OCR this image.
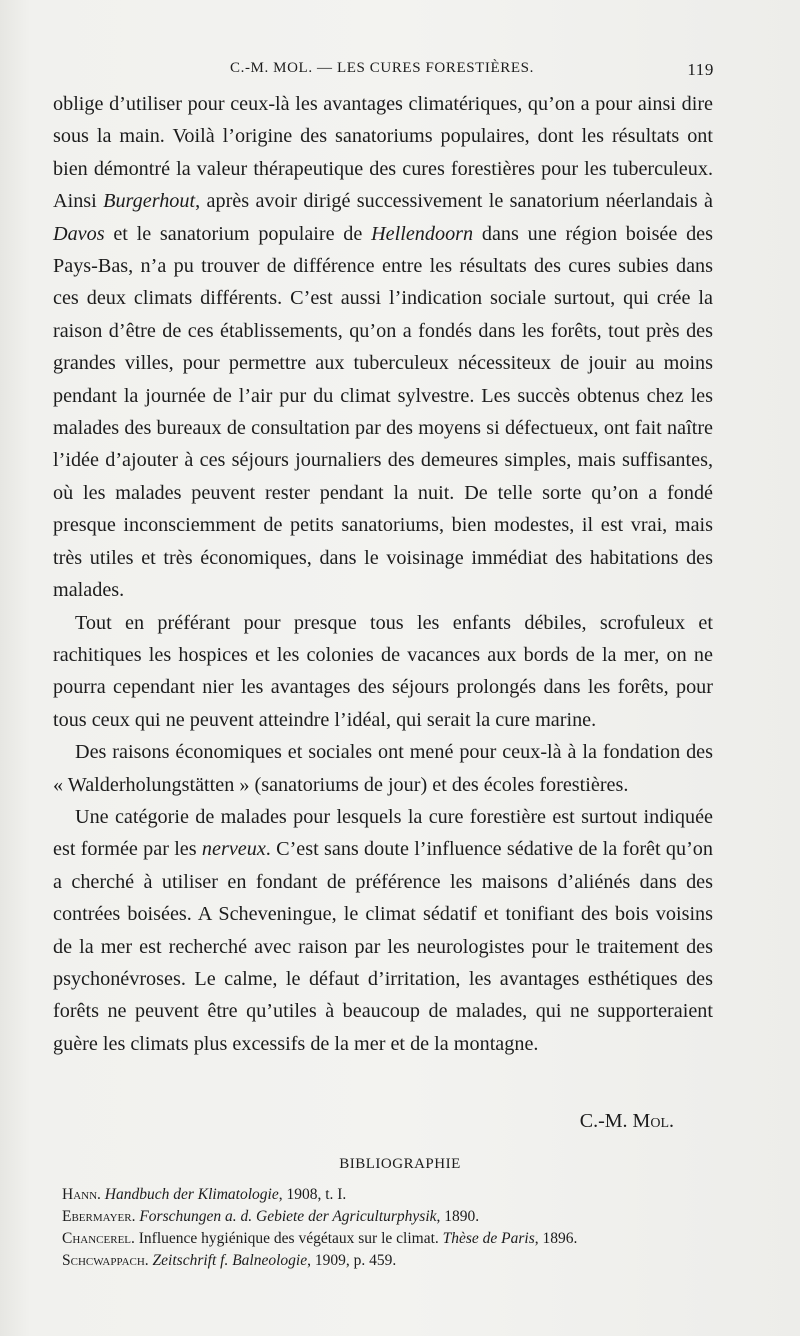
C.-M. MOL. — LES CURES FORESTIÈRES.	119

oblige d’utiliser pour ceux-là les avantages climatériques, qu’on a pour ainsi dire sous la main. Voilà l’origine des sanatoriums populaires, dont les résultats ont bien démontré la valeur thérapeutique des cures forestières pour les tuberculeux. Ainsi Burgerhout, après avoir dirigé successivement le sanatorium néerlandais à Davos et le sanatorium populaire de Hellendoorn dans une région boisée des Pays-Bas, n’a pu trouver de différence entre les résultats des cures subies dans ces deux climats différents. C’est aussi l’indication sociale surtout, qui crée la raison d’être de ces établissements, qu’on a fondés dans les forêts, tout près des grandes villes, pour permettre aux tuberculeux nécessiteux de jouir au moins pendant la journée de l’air pur du climat sylvestre. Les succès obtenus chez les malades des bureaux de consultation par des moyens si défectueux, ont fait naître l’idée d’ajouter à ces séjours journaliers des demeures simples, mais suffisantes, où les malades peuvent rester pendant la nuit. De telle sorte qu’on a fondé presque inconsciemment de petits sanatoriums, bien modestes, il est vrai, mais très utiles et très économiques, dans le voisinage immédiat des habitations des malades.

Tout en préférant pour presque tous les enfants débiles, scrofuleux et rachitiques les hospices et les colonies de vacances aux bords de la mer, on ne pourra cependant nier les avantages des séjours prolongés dans les forêts, pour tous ceux qui ne peuvent atteindre l’idéal, qui serait la cure marine.

Des raisons économiques et sociales ont mené pour ceux-là à la fondation des « Walderholungstätten » (sanatoriums de jour) et des écoles forestières.

Une catégorie de malades pour lesquels la cure forestière est surtout indiquée est formée par les nerveux. C’est sans doute l’influence sédative de la forêt qu’on a cherché à utiliser en fondant de préférence les maisons d’aliénés dans des contrées boisées. A Scheveningue, le climat sédatif et tonifiant des bois voisins de la mer est recherché avec raison par les neurologistes pour le traitement des psychonévroses. Le calme, le défaut d’irritation, les avantages esthétiques des forêts ne peuvent être qu’utiles à beaucoup de malades, qui ne supporteraient guère les climats plus excessifs de la mer et de la montagne.

C.-M. Mol.
BIBLIOGRAPHIE

Hann. Handbuch der Klimatologie, 1908, t. I.

Ebermayer. Forschungen a. d. Gebiete der Agriculturphysik, 1890.

Chancerel. Influence hygiénique des végétaux sur le climat. Thèse de Paris, 1896.

Schcwappach. Zeitschrift f. Balneologie, 1909, p. 459.
